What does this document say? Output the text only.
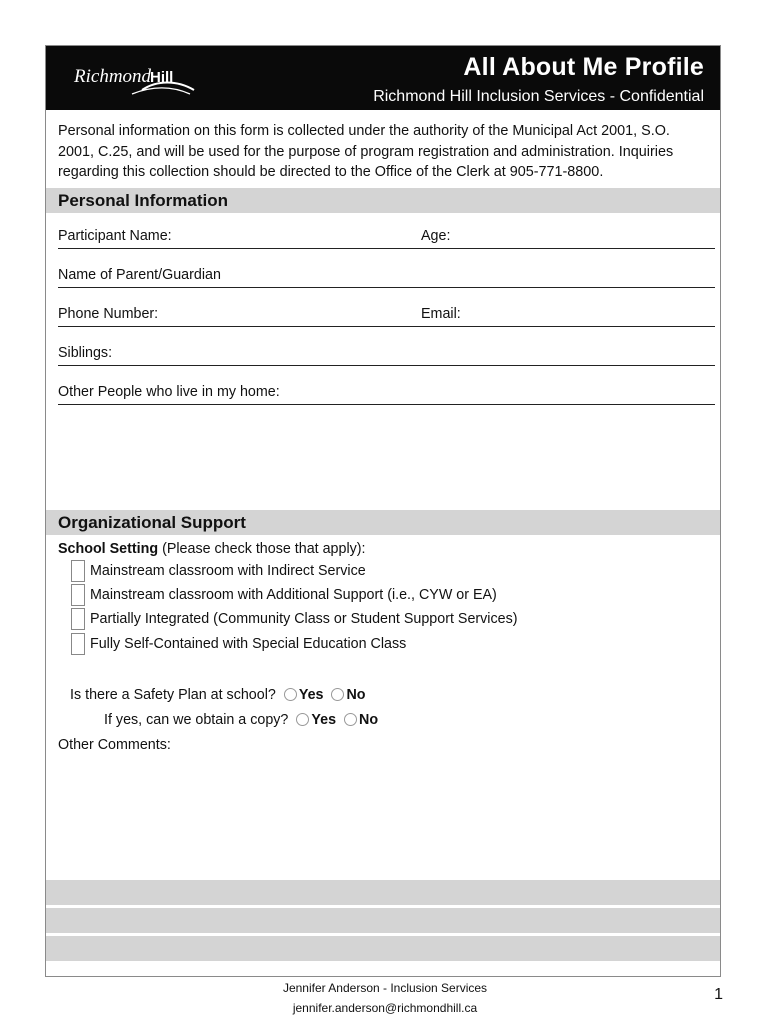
Richmond
Hill	All About Me Profile
Richmond Hill Inclusion Services - Confidential
Personal information on this form is collected under the authority of the Municipal Act 2001, S.O. 2001, C.25, and will be used for the purpose of program registration and administration. Inquiries regarding this collection should be directed to the Office of the Clerk at 905-771-8800.
Personal Information
Participant Name:	Age:
Name of Parent/Guardian
Phone Number:	Email:
Siblings:
Other People who live in my home:
Organizational Support
School Setting (Please check those that apply):
Mainstream classroom with Indirect Service
Mainstream classroom with Additional Support (i.e., CYW or EA)
Partially Integrated (Community Class or Student Support Services)
Fully Self-Contained with Special Education Class
Is there a Safety Plan at school? Yes No
If yes, can we obtain a copy? Yes No
Other Comments:
Jennifer Anderson - Inclusion Services
jennifer.anderson@richmondhill.ca
1
